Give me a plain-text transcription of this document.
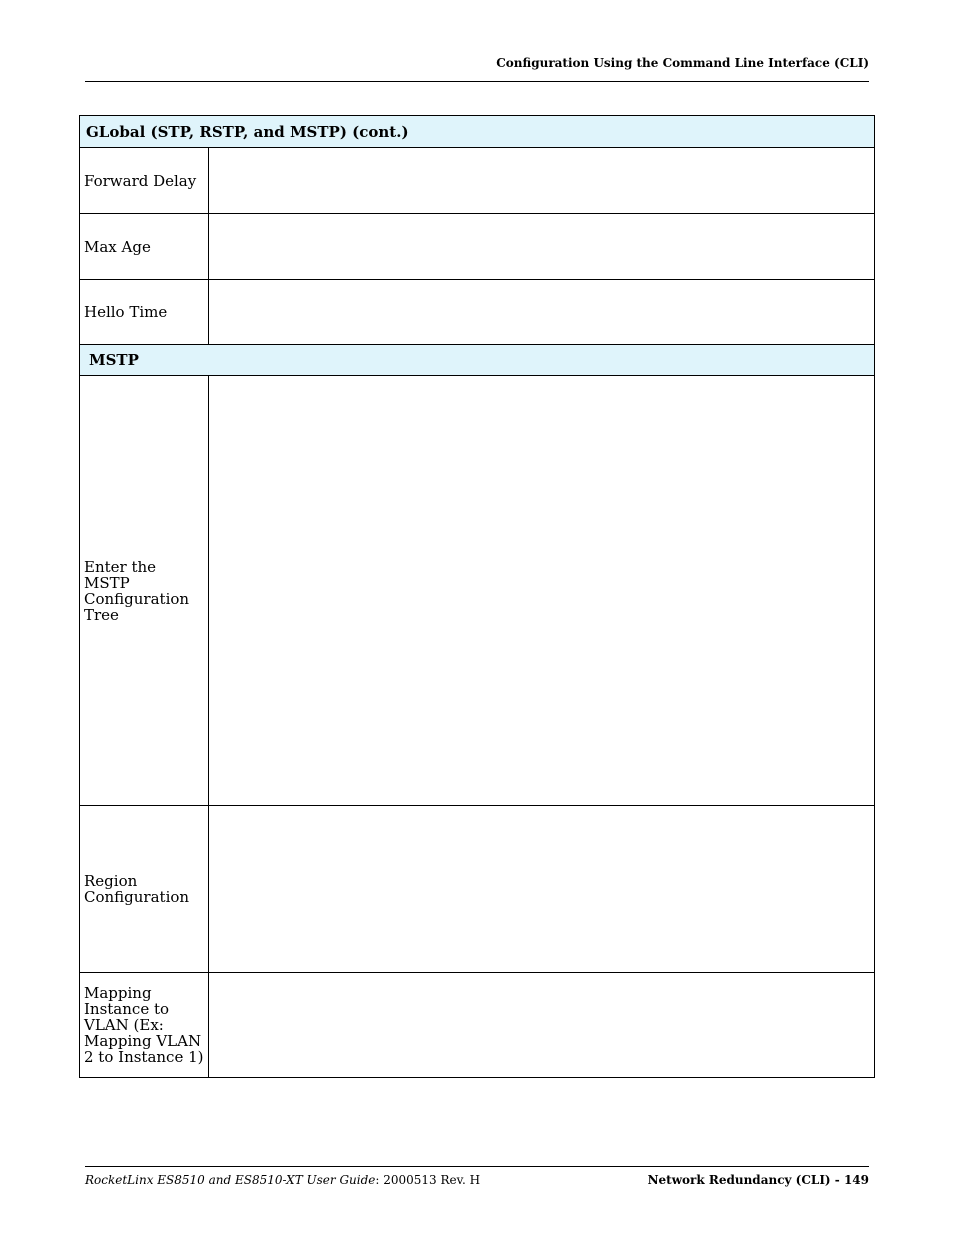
Configuration Using the Command Line Interface (CLI)
GLobal (STP, RSTP, and MSTP) (cont.)
Forward Delay
Max Age
Hello Time
MSTP
Enter the MSTP Configuration Tree
Region Configuration
Mapping Instance to VLAN (Ex: Mapping VLAN 2 to Instance 1)
RocketLinx ES8510 and ES8510-XT User Guide: 2000513 Rev. H	Network Redundancy (CLI) - 149
